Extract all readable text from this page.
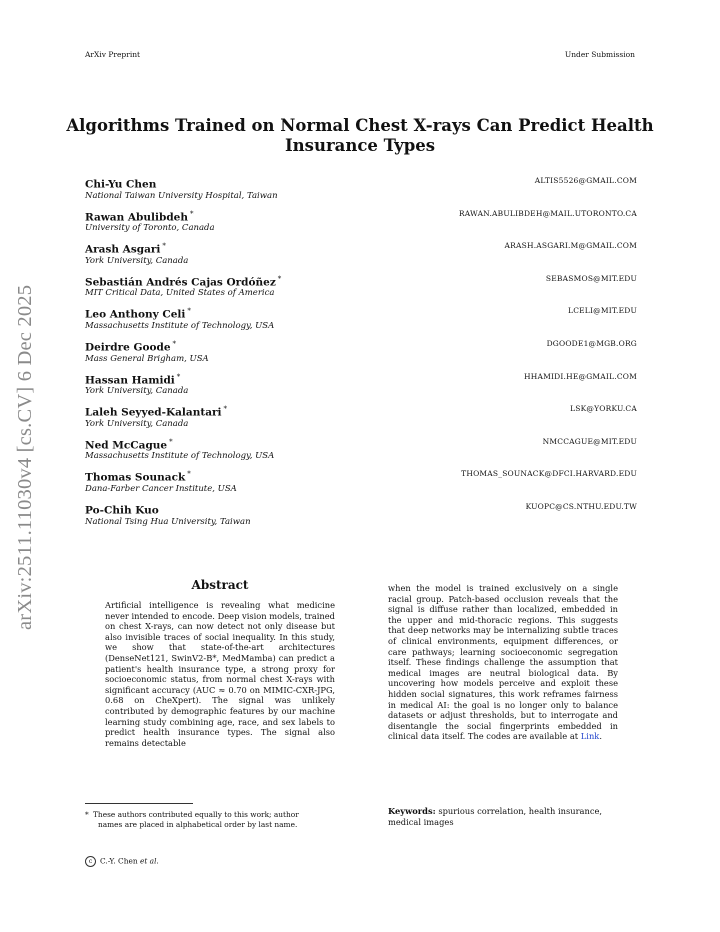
ArXiv Preprint	Under Submission
arXiv:2511.11030v4 [cs.CV] 6 Dec 2025
Algorithms Trained on Normal Chest X-rays Can Predict Health
Insurance Types
Chi-Yu Chen
National Taiwan University Hospital, Taiwan
ALTIS5526@GMAIL.COM
Rawan Abulibdeh *
University of Toronto, Canada
RAWAN.ABULIBDEH@MAIL.UTORONTO.CA
Arash Asgari *
York University, Canada
ARASH.ASGARI.M@GMAIL.COM
Sebastián Andrés Cajas Ordóñez *
MIT Critical Data, United States of America
SEBASMOS@MIT.EDU
Leo Anthony Celi *
Massachusetts Institute of Technology, USA
LCELI@MIT.EDU
Deirdre Goode *
Mass General Brigham, USA
DGOODE1@MGB.ORG
Hassan Hamidi *
York University, Canada
HHAMIDI.HE@GMAIL.COM
Laleh Seyyed-Kalantari *
York University, Canada
LSK@YORKU.CA
Ned McCague *
Massachusetts Institute of Technology, USA
NMCCAGUE@MIT.EDU
Thomas Sounack *
Dana-Farber Cancer Institute, USA
THOMAS_SOUNACK@DFCI.HARVARD.EDU
Po-Chih Kuo
National Tsing Hua University, Taiwan
KUOPC@CS.NTHU.EDU.TW
Abstract
Artificial intelligence is revealing what medicine never intended to encode. Deep vision models, trained on chest X-rays, can now detect not only disease but also invisible traces of social inequality. In this study, we show that state-of-the-art architectures (DenseNet121, SwinV2-B*, MedMamba) can predict a patient's health insurance type, a strong proxy for socioeconomic status, from normal chest X-rays with significant accuracy (AUC ≈ 0.70 on MIMIC-CXR-JPG, 0.68 on CheXpert). The signal was unlikely contributed by demographic features by our machine learning study combining age, race, and sex labels to predict health insurance types. The signal also remains detectable
when the model is trained exclusively on a single racial group. Patch-based occlusion reveals that the signal is diffuse rather than localized, embedded in the upper and mid-thoracic regions. This suggests that deep networks may be internalizing subtle traces of clinical environments, equipment differences, or care pathways; learning socioeconomic segregation itself. These findings challenge the assumption that medical images are neutral biological data. By uncovering how models perceive and exploit these hidden social signatures, this work reframes fairness in medical AI: the goal is no longer only to balance datasets or adjust thresholds, but to interrogate and disentangle the social fingerprints embedded in clinical data itself. The codes are available at Link.
Keywords: spurious correlation, health insurance, medical images
* These authors contributed equally to this work; author
names are placed in alphabetical order by last name.
c C.-Y. Chen et al.
